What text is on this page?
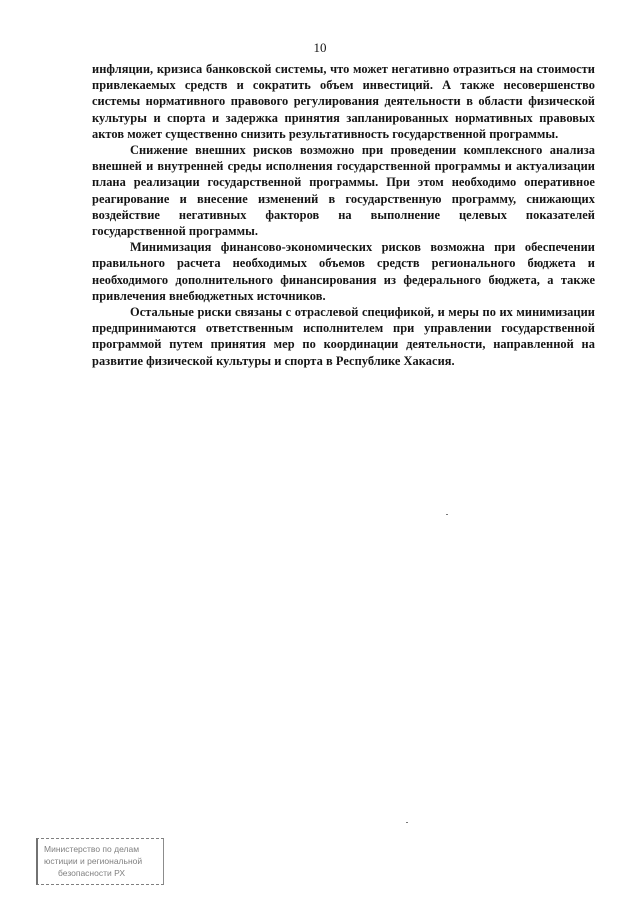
10

инфляции, кризиса банковской системы, что может негативно отразиться на стоимости привлекаемых средств и сократить объем инвестиций. А также несовершенство системы нормативного правового регулирования деятельности в области физической культуры и спорта и задержка принятия запланированных нормативных правовых актов может существенно снизить результативность государственной программы.

Снижение внешних рисков возможно при проведении комплексного анализа внешней и внутренней среды исполнения государственной программы и актуализации плана реализации государственной программы. При этом необходимо оперативное реагирование и внесение изменений в государственную программу, снижающих воздействие негативных факторов на выполнение целевых показателей государственной программы.

Минимизация финансово-экономических рисков возможна при обеспечении правильного расчета необходимых объемов средств регионального бюджета и необходимого дополнительного финансирования из федерального бюджета, а также привлечения внебюджетных источников.

Остальные риски связаны с отраслевой спецификой, и меры по их минимизации предпринимаются ответственным исполнителем при управлении государственной программой путем принятия мер по координации деятельности, направленной на развитие физической культуры и спорта в Республике Хакасия.

Министерство по делам
юстиции и региональной
безопасности РХ
